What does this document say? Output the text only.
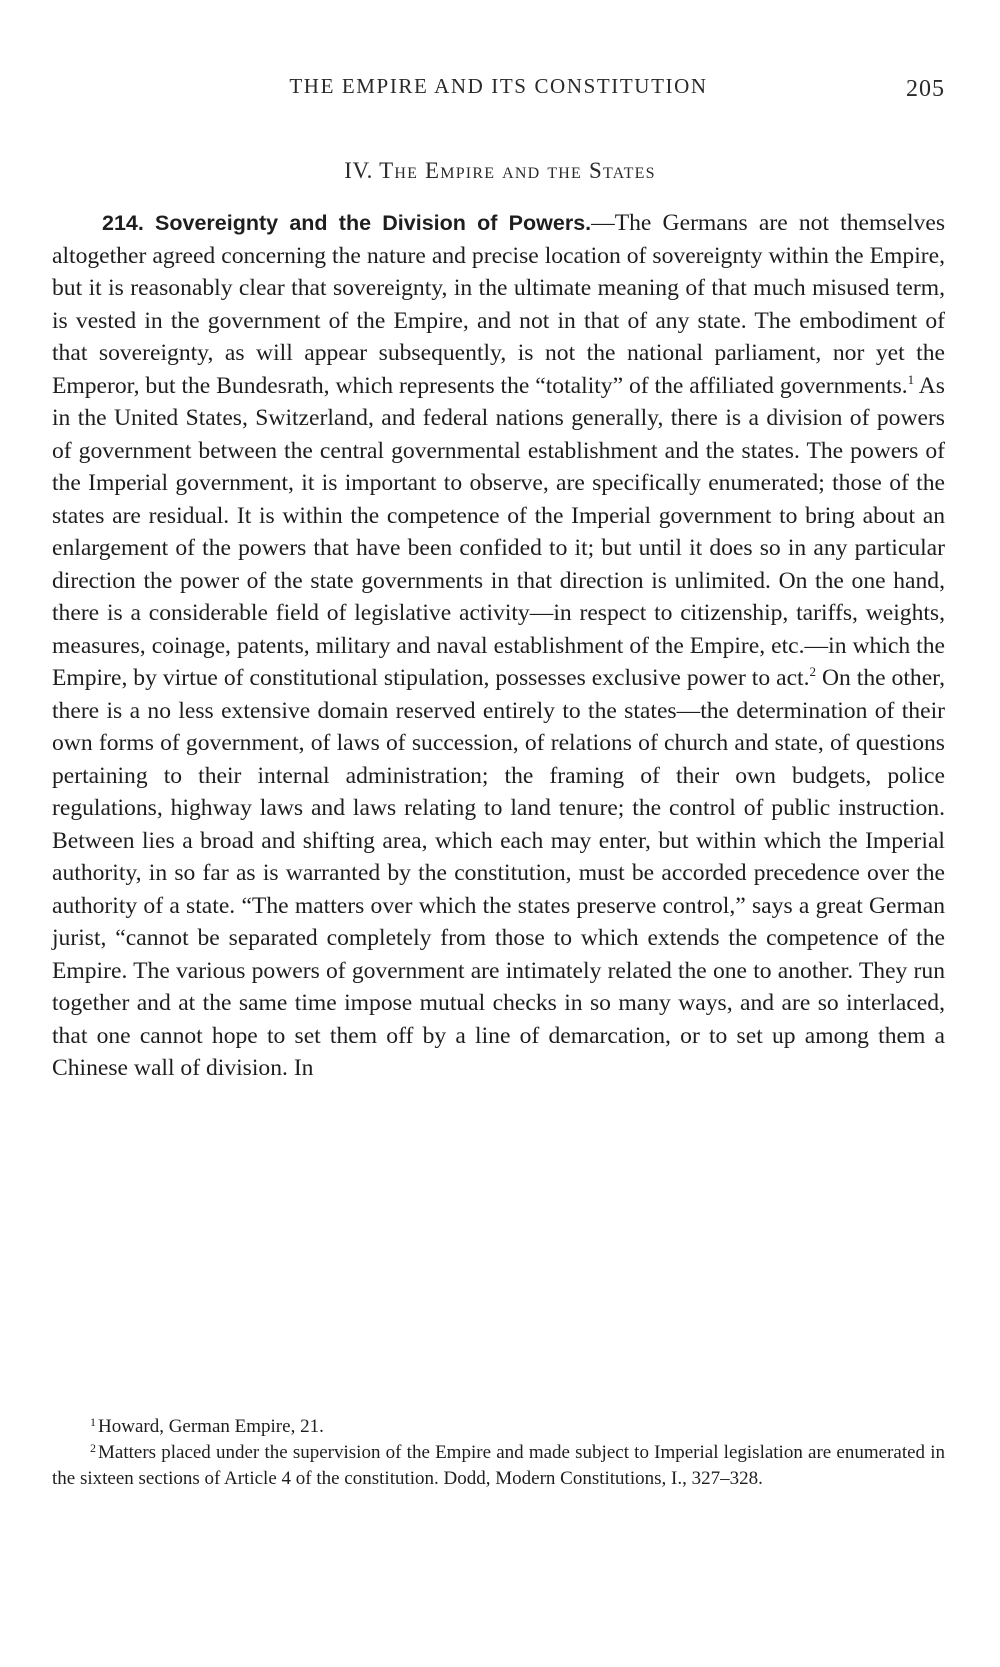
THE EMPIRE AND ITS CONSTITUTION	205
IV. The Empire and the States

214. Sovereignty and the Division of Powers.—The Germans are not themselves altogether agreed concerning the nature and precise location of sovereignty within the Empire, but it is reasonably clear that sovereignty, in the ultimate meaning of that much misused term, is vested in the government of the Empire, and not in that of any state. The embodiment of that sovereignty, as will appear subsequently, is not the national parliament, nor yet the Emperor, but the Bundesrath, which represents the “totality” of the affiliated governments.$^1$ As in the United States, Switzerland, and federal nations generally, there is a division of powers of government between the central governmental establishment and the states. The powers of the Imperial government, it is important to observe, are specifically enumerated; those of the states are residual. It is within the competence of the Imperial government to bring about an enlargement of the powers that have been confided to it; but until it does so in any particular direction the power of the state governments in that direction is unlimited. On the one hand, there is a considerable field of legislative activity—in respect to citizenship, tariffs, weights, measures, coinage, patents, military and naval establishment of the Empire, etc.—in which the Empire, by virtue of constitutional stipulation, possesses exclusive power to act.$^2$ On the other, there is a no less extensive domain reserved entirely to the states—the determination of their own forms of government, of laws of succession, of relations of church and state, of questions pertaining to their internal administration; the framing of their own budgets, police regulations, highway laws and laws relating to land tenure; the control of public instruction. Between lies a broad and shifting area, which each may enter, but within which the Imperial authority, in so far as is warranted by the constitution, must be accorded precedence over the authority of a state. “The matters over which the states preserve control,” says a great German jurist, “cannot be separated completely from those to which extends the competence of the Empire. The various powers of government are intimately related the one to another. They run together and at the same time impose mutual checks in so many ways, and are so interlaced, that one cannot hope to set them off by a line of demarcation, or to set up among them a Chinese wall of division. In

$^1$ Howard, German Empire, 21.

$^2$ Matters placed under the supervision of the Empire and made subject to Imperial legislation are enumerated in the sixteen sections of Article 4 of the constitution. Dodd, Modern Constitutions, I., 327–328.
